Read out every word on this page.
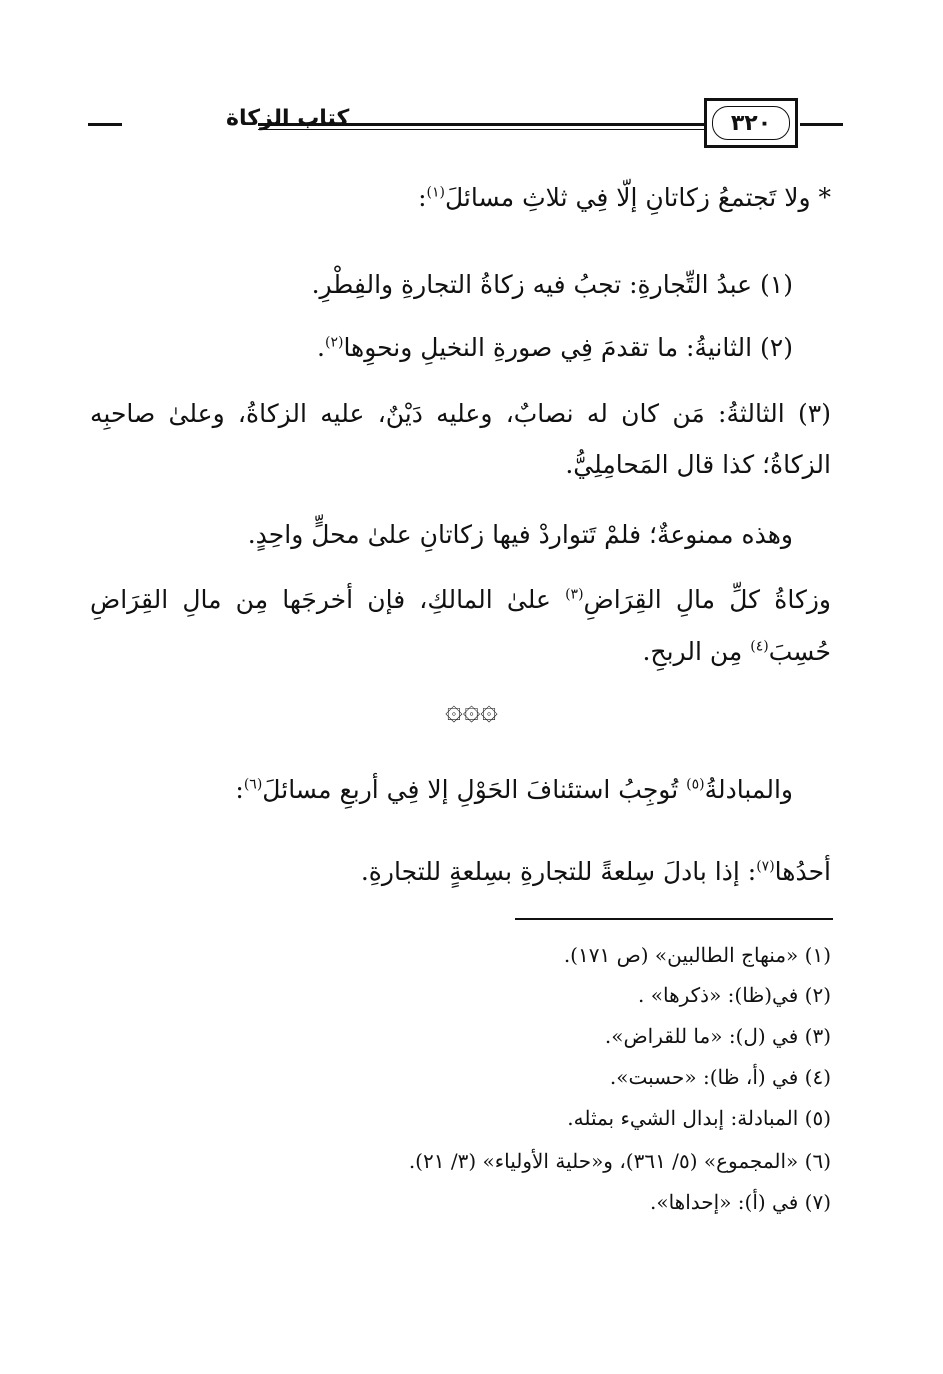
٣٢٠
كتاب الزكاة
* ولا تَجتمعُ زكاتانِ إلّا فِي ثلاثِ مسائلَ$^{(١)}$:
(١) عبدُ التِّجارةِ: تجبُ فيه زكاةُ التجارةِ والفِطْرِ.
(٢) الثانيةُ: ما تقدمَ فِي صورةِ النخيلِ ونحوِها$^{(٢)}$.
(٣) الثالثةُ: مَن كان له نصابٌ، وعليه دَيْنٌ، عليه الزكاةُ، وعلىٰ صاحبِه
الزكاةُ؛ كذا قال المَحامِلِيُّ.
وهذه ممنوعةٌ؛ فلمْ تَتواردْ فيها زكاتانِ علىٰ محلٍّ واحِدٍ.
وزكاةُ كلِّ مالِ القِرَاضِ$^{(٣)}$ علىٰ المالكِ، فإن أخرجَها مِن مالِ القِرَاضِ
حُسِبَ$^{(٤)}$ مِن الربحِ.
۞۞۞
والمبادلةُ$^{(٥)}$ تُوجِبُ استئنافَ الحَوْلِ إلا فِي أربعِ مسائلَ$^{(٦)}$:
أحدُها$^{(٧)}$: إذا بادلَ سِلعةً للتجارةِ بسِلعةٍ للتجارةِ.
(١) «منهاج الطالبين» (ص ١٧١).
(٢) في(ظا): «ذكرها» .
(٣) في (ل): «ما للقراض».
(٤) في (أ، ظا): «حسبت».
(٥) المبادلة: إبدال الشيء بمثله.
(٦) «المجموع» (٥/ ٣٦١)، و«حلية الأولياء» (٣/ ٢١).
(٧) في (أ): «إحداها».
